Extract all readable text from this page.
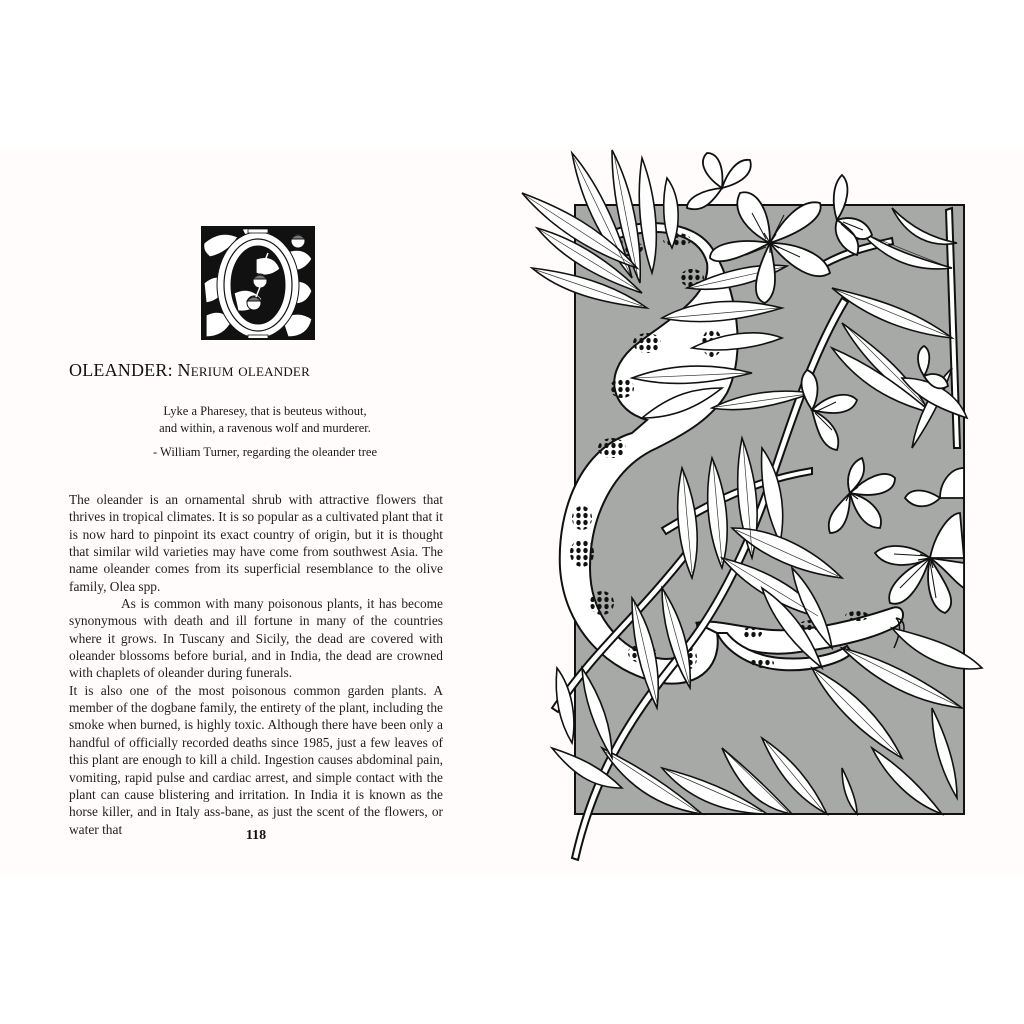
OLEANDER: Nerium oleander

Lyke a Pharesey, that is beuteus without,

and within, a ravenous wolf and murderer.

- William Turner, regarding the oleander tree

The oleander is an ornamental shrub with attractive flowers that thrives in tropical climates. It is so popular as a cultivated plant that it is now hard to pinpoint its exact country of origin, but it is thought that similar wild varieties may have come from southwest Asia. The name oleander comes from its superficial resemblance to the olive family, Olea spp.

As is common with many poisonous plants, it has become synonymous with death and ill fortune in many of the countries where it grows. In Tuscany and Sicily, the dead are covered with oleander blossoms before burial, and in India, the dead are crowned with chaplets of oleander during funerals.

It is also one of the most poisonous common garden plants. A member of the dogbane family, the entirety of the plant, including the smoke when burned, is highly toxic. Although there have been only a handful of officially recorded deaths since 1985, just a few leaves of this plant are enough to kill a child. Ingestion causes abdominal pain, vomiting, rapid pulse and cardiac arrest, and simple contact with the plant can cause blistering and irritation. In India it is known as the horse killer, and in Italy ass-bane, as just the scent of the flowers, or water that	118
